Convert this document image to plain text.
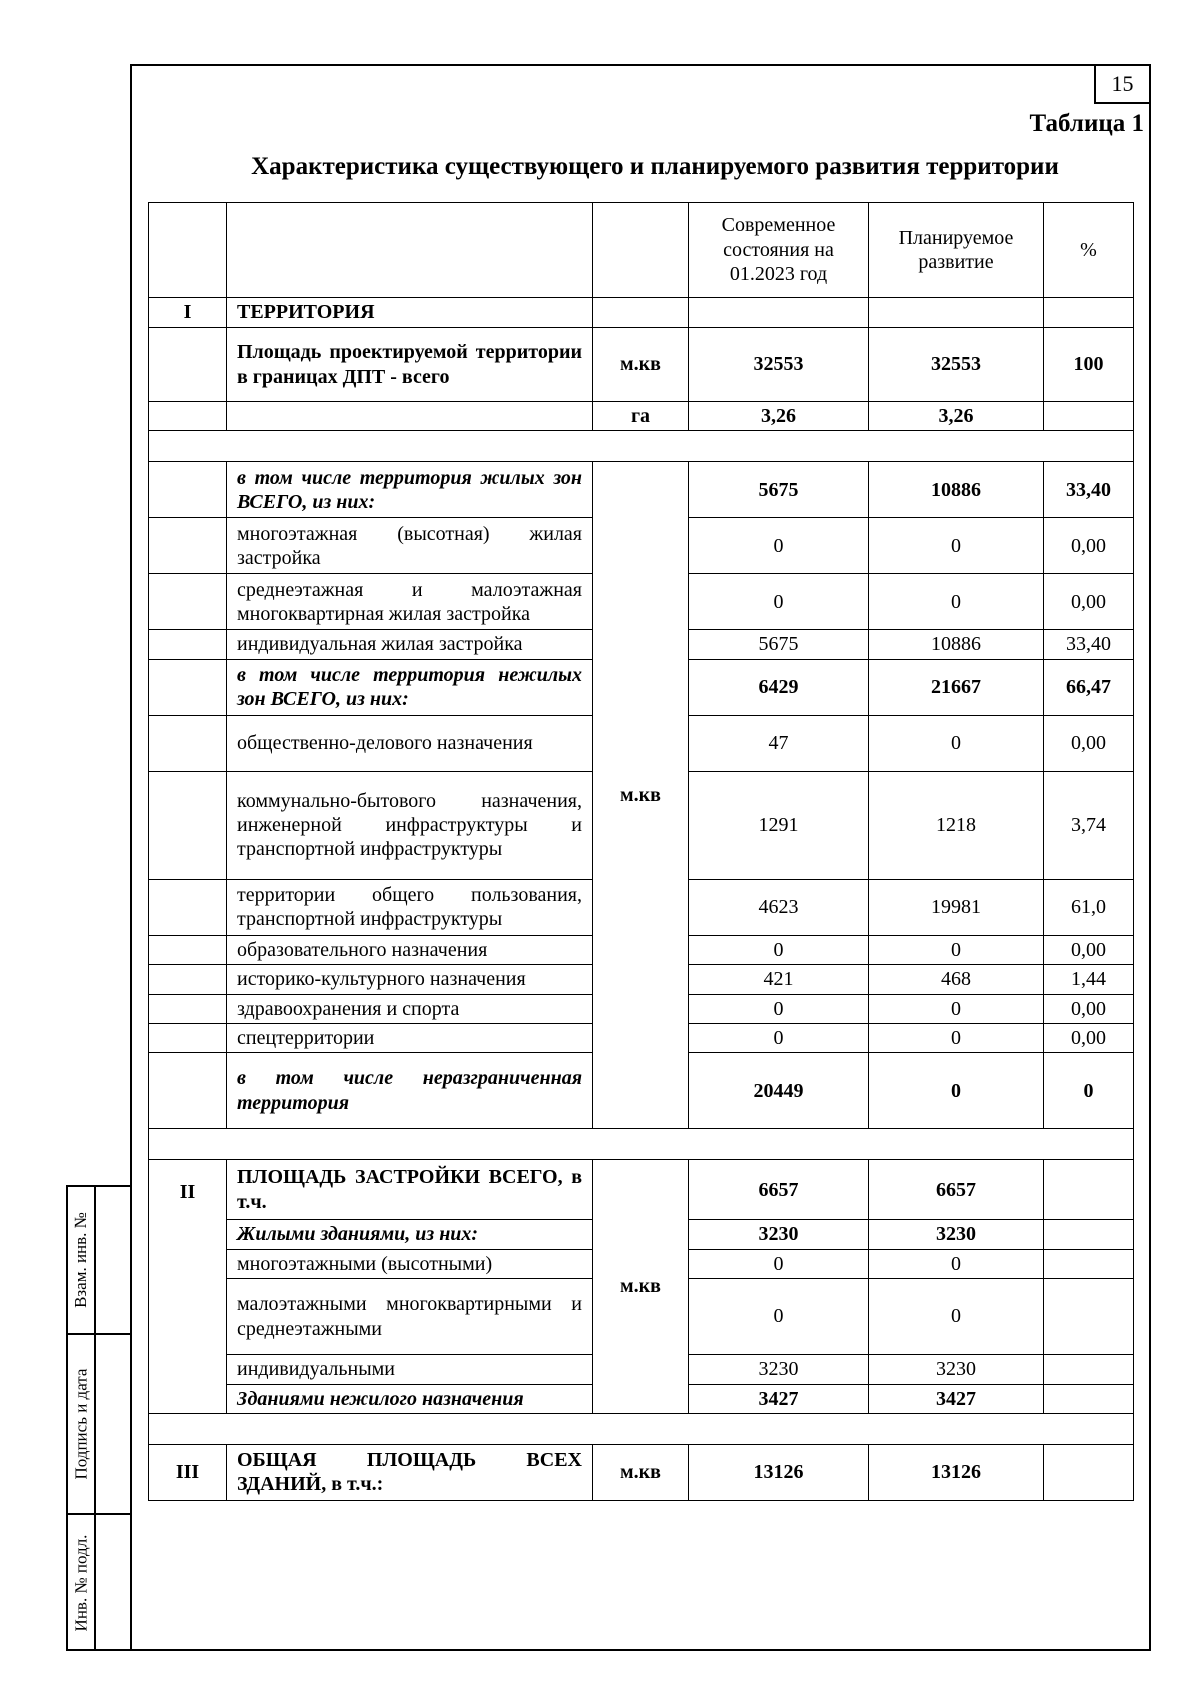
15
Таблица 1
Характеристика существующего и планируемого развития территории
Взам. инв. №
Подпись и дата
Инв. № подл.
			Современное состояния на 01.2023 год	Планируемое развитие	%
I	ТЕРРИТОРИЯ				
	Площадь проектируемой территории в границах ДПТ - всего	м.кв	32553	32553	100
		га	3,26	3,26	

	в том числе территория жилых зон ВСЕГО, из них:	м.кв	5675	10886	33,40
	многоэтажная (высотная) жилая застройка		0	0	0,00
	среднеэтажная и малоэтажная многоквартирная жилая застройка		0	0	0,00
	индивидуальная жилая застройка		5675	10886	33,40
	в том числе территория нежилых зон ВСЕГО, из них:		6429	21667	66,47
	общественно-делового назначения		47	0	0,00
	коммунально-бытового назначения, инженерной инфраструктуры и транспортной инфраструктуры		1291	1218	3,74
	территории общего пользования, транспортной инфраструктуры		4623	19981	61,0
	образовательного назначения		0	0	0,00
	историко-культурного назначения		421	468	1,44
	здравоохранения и спорта		0	0	0,00
	спецтерритории		0	0	0,00
	в том числе неразграниченная территория		20449	0	0

II	ПЛОЩАДЬ ЗАСТРОЙКИ ВСЕГО, в т.ч.	м.кв	6657	6657	
	Жилыми зданиями, из них:		3230	3230	
	многоэтажными (высотными)		0	0	
	малоэтажными многоквартирными и среднеэтажными		0	0	
	индивидуальными		3230	3230	
	Зданиями нежилого назначения		3427	3427	

III	ОБЩАЯ ПЛОЩАДЬ ВСЕХ ЗДАНИЙ, в т.ч.:	м.кв	13126	13126	
